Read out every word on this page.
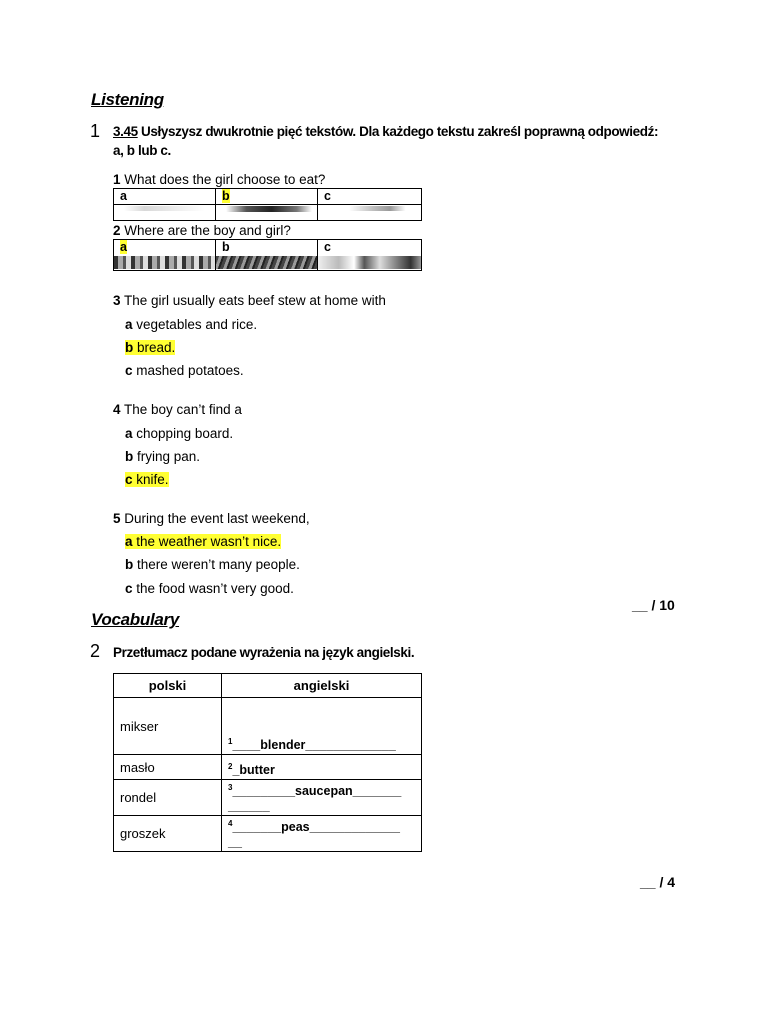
Listening
1 3.45 Usłyszysz dwukrotnie pięć tekstów. Dla każdego tekstu zakreśl poprawną odpowiedź:
a, b lub c.
1 What does the girl choose to eat?
a	b	c

2 Where are the boy and girl?
a	b	c
3 The girl usually eats beef stew at home with
a vegetables and rice.
b bread.
c mashed potatoes.
4 The boy can’t find a
a chopping board.
b frying pan.
c knife.
5 During the event last weekend,
a the weather wasn’t nice.
b there weren’t many people.
c the food wasn’t very good.
__ / 10
Vocabulary
2 Przetłumacz podane wyrażenia na język angielski.
polski	angielski
mikser	$^1$____blender_____________
masło	$^2$_butter
rondel	$^3$_________saucepan_______
______

groszek	$^4$_______peas_____________
__
__ / 4
